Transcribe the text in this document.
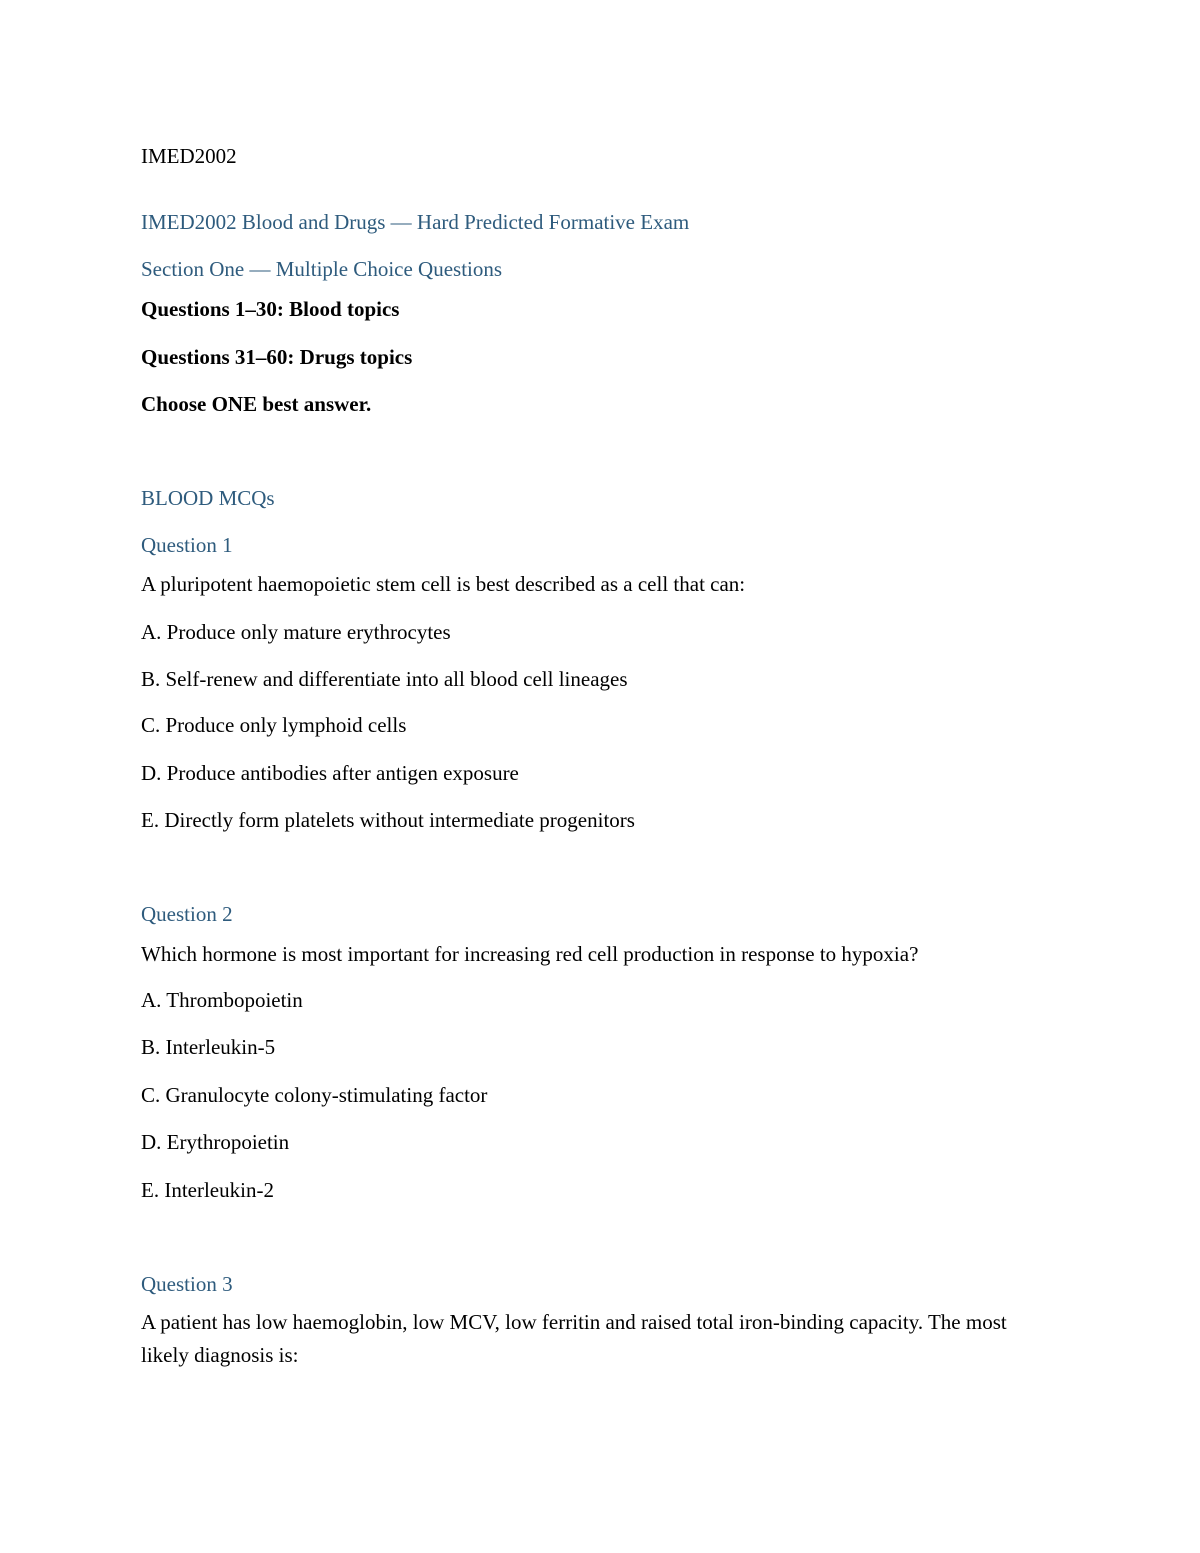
IMED2002

IMED2002 Blood and Drugs — Hard Predicted Formative Exam

Section One — Multiple Choice Questions

Questions 1–30: Blood topics

Questions 31–60: Drugs topics

Choose ONE best answer.

BLOOD MCQs

Question 1

A pluripotent haemopoietic stem cell is best described as a cell that can:

A. Produce only mature erythrocytes

B. Self-renew and differentiate into all blood cell lineages

C. Produce only lymphoid cells

D. Produce antibodies after antigen exposure

E. Directly form platelets without intermediate progenitors

Question 2

Which hormone is most important for increasing red cell production in response to hypoxia?

A. Thrombopoietin

B. Interleukin-5

C. Granulocyte colony-stimulating factor

D. Erythropoietin

E. Interleukin-2

Question 3

A patient has low haemoglobin, low MCV, low ferritin and raised total iron-binding capacity. The most likely diagnosis is:
